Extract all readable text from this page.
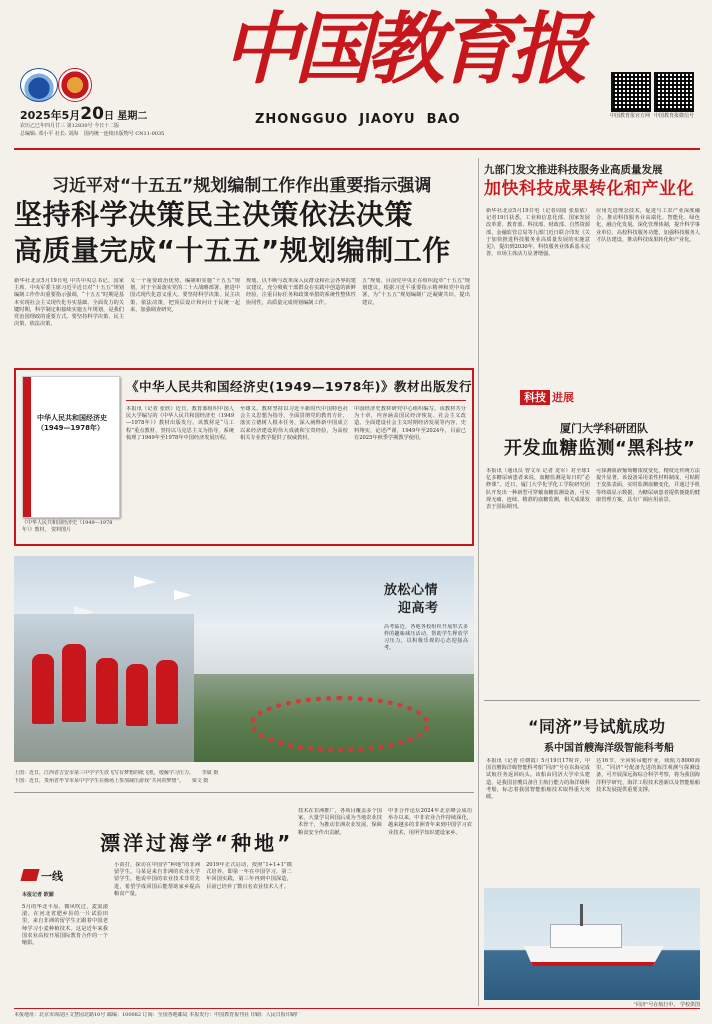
2025年5月20日 星期二
农历乙巳年四月廿三 第12830号 今日十二版
总编辑: 邓小平 社长: 刘海 国内统一连续出版物号 CN11-0035
中国教育报
ZHONGGUO  JIAOYU  BAO	中国教育报官方网 中国教育报微信号
习近平对“十五五”规划编制工作作出重要指示强调
坚持科学决策民主决策依法决策
高质量完成“十五五”规划编制工作
新华社北京5月19日电 中共中央总书记、国家主席、中央军委主席习近平近日对“十五五”规划编制工作作出重要指示强调，“十五五”时期是基本实现社会主义现代化夯实基础、全面发力的关键时期，科学制定和接续实施五年规划，是我们党治国理政的重要方式。要坚持科学决策、民主决策、依法决策。
义一个重要政治优势。编制和实施“十五五”规划，对于全面落实党的二十大战略部署、推进中国式现代化意义重大。要坚持科学决策、民主决策、依法决策，把顶层设计和问计于民统一起来，加强调查研究。
规划。以不断与改革深入民群众和社会各界的建议建议，充分吸收干部群众在实践中创造的新鲜经验，注重目标任务和政策举措的系统性整体性协同性，高质量完成规划编制工作。
五”规划。目前党中央正在组织起草“十五五”规划建议，根据习近平重要指示精神和党中央部署，为“十五五”规划编制广泛凝聚共识、提出建议。
九部门发文推进科技服务业高质量发展
加快科技成果转化和产业化
新华社北京5月19日电（记者周圆 张泉依）记者19日获悉，工业和信息化部、国家发展改革委、教育部、科技部、财政部、自然资源部、金融监管总局等九部门近日联合印发《关于加快推进科技服务业高质量发展的实施意见》，提出到2030年，科技服务业体系基本完善，市场主体活力显著增强。
应用先进理念技术，促进与工农产业深度融合。推动科技服务业高端化、智能化、绿色化、融合化发展。深化管理体制，提升科学事业单位、高校科技服务功能，加强科技服务人才队伍建设，推动科技成果转化和产业化。
中华人民共和国经济史（1949—1978年）
《中华人民共和国经济史（1949—1978年）》教材。 资料图片
《中华人民共和国经济史(1949—1978年)》教材出版发行
本报讯（记者 张欣）近日，教育部组织中国人民大学编写的《中华人民共和国经济史（1949—1978年）》教材出版发行。该教材是“马工程”重点教材，坚持以马克思主义为指导，系统梳理了1949年至1978年中国经济发展历程。
至雄义。教材坚持以习近平新时代中国特色社会主义思想为指导，全面贯彻党的教育方针，落实立德树人根本任务，深入阐释新中国成立以来经济建设的伟大成就和宝贵经验，为高校相关专业教学提供了权威教材。
中国经济史教材研究中心组织编写。该教材共分为十章，内容涵盖国民经济恢复、社会主义改造、全面建设社会主义时期经济发展等内容，史料翔实，论述严谨，1949年至2024年，目前已有2025年秋季学期教学使用。
放松心情
迎高考
高考临近，各地各校组织开展形式多样的趣味减压活动，帮助学生释放学习压力，以积极乐观的心态迎接高考。
上图：近日，江西省吉安市第三中学学生放飞写有梦想的纸飞机，缓解学习压力。 李斌 摄
下图：近日，贵州省毕节市某中学学生在操场上参加减压游戏“共同的梦想”。 梁文 摄
科技 进展
厦门大学科研团队
开发血糖监测“黑科技”
本报讯（通讯员 曾文军 记者 龙军）对全球1亿多糖尿病患者来说，血糖监测是每日的“必修课”。近日，厦门大学化学化工学院研究团队开发出一种新型可穿戴血糖监测设备，可实现无痛、连续、精准的血糖监测，相关成果发表于国际期刊。
可探测血液葡萄糖浓度变化，精度比传统方法提升显著。该设备采用柔性材料制成，可贴附于皮肤表面，实时监测血糖变化，并通过手机等终端显示数据，为糖尿病患者提供便捷的健康管理方案，具有广阔应用前景。
“同济”号试航成功
系中国首艘海洋级智能科考船
本报讯（记者 任朝霞）5月19日17时许，中国首艘海洋级智能科考船“同济”号在东海完成试航任务返回码头。该船由同济大学牵头建造，是我国首艘具备自主航行能力的海洋级科考船，标志着我国智能船舶技术取得重大突破。
达16节，全回转吊艇作业，续航力8000海里。“同济”号配备先进的海洋观测与探测设备，可开展深远海综合科学考察，将为我国海洋科学研究、海洋工程技术创新以及智能船舶技术发展提供重要支撑。
“同济”号在航行中。 学校供图
漂洋过海学“种地”
一线
本报记者 欧媚
5月的华北平原，微风吹过，麦浪滚滚。在河北省肥乡县的一片试验田里，来自非洲的留学生正跟着中国老师学习小麦种植技术。这是近年来我国农业高校开展国际教育合作的一个缩影。
小苗打，探访在中国学“种地”的非洲留学生。马某是来自非洲的农业大学留学生，他说中国的农业技术非常先进，希望学成回国后能帮助家乡提高粮食产量。
2019年正式启动，按照“1+1+1”模式培养，即第一年在中国学习，第二年回国实践，第三年再到中国深造，目前已培养了数百名农业技术人才。
技术在非洲推广，各项目覆盖多个国家，大量学员回国后成为当地农业技术骨干，为推动非洲农业发展、保障粮食安全作出贡献。
中非合作论坛2024年北京峰会成功举办以来，中非农业合作持续深化，越来越多的非洲青年来到中国学习农业技术，用所学知识建设家乡。
本报地址：北京市海淀区文慧园北路10号 邮编：100082 订阅：全国各地邮局 本报发行：中国教育报刊社 印刷：人民日报印刷厂
